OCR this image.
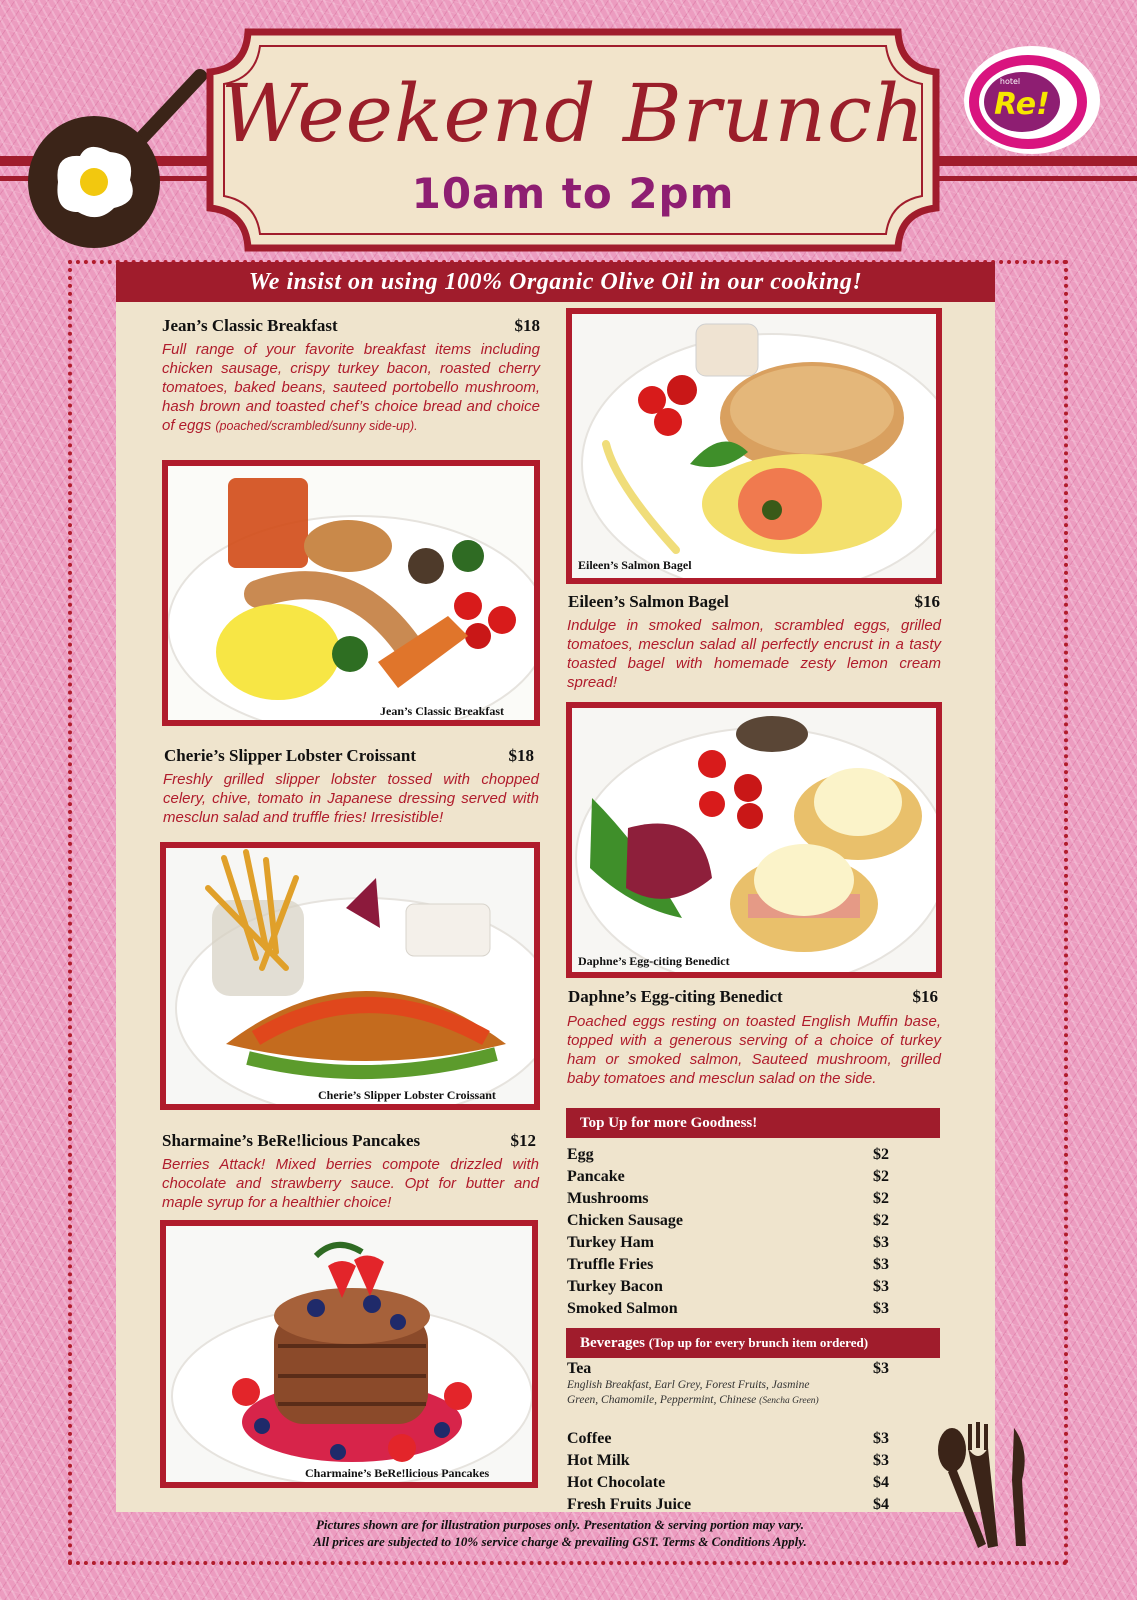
Weekend Brunch
10am to 2pm
Re!
hotel
We insist on using 100% Organic Olive Oil in our cooking!
Jean’s Classic Breakfast	$18
Full range of your favorite breakfast items including chicken sausage, crispy turkey bacon, roasted cherry tomatoes, baked beans, sauteed portobello mushroom, hash brown and toasted chef’s choice bread and choice of eggs (poached/scrambled/sunny side-up).
Jean’s Classic Breakfast
Eileen’s Salmon Bagel
Eileen’s Salmon Bagel	$16
Indulge in smoked salmon, scrambled eggs, grilled tomatoes, mesclun salad all perfectly encrust in a tasty toasted bagel with homemade zesty lemon cream spread!
Cherie’s Slipper Lobster Croissant	$18
Freshly grilled slipper lobster tossed with chopped celery, chive, tomato in Japanese dressing served with mesclun salad and truffle fries! Irresistible!
Cherie’s Slipper Lobster Croissant
Daphne’s Egg-citing Benedict
Daphne’s Egg-citing Benedict	$16
Poached eggs resting on toasted English Muffin base, topped with a generous serving of a choice of turkey ham or smoked salmon, Sauteed mushroom, grilled baby tomatoes and mesclun salad on the side.
Sharmaine’s BeRe!licious Pancakes	$12
Berries Attack! Mixed berries compote drizzled with chocolate and strawberry sauce. Opt for butter and maple syrup for a healthier choice!
Charmaine’s BeRe!licious Pancakes
Top Up for more Goodness!
Egg	$2
Pancake	$2
Mushrooms	$2
Chicken Sausage	$2
Turkey Ham	$3
Truffle Fries	$3
Turkey Bacon	$3
Smoked Salmon	$3
Beverages (Top up for every brunch item ordered)
Tea	$3
English Breakfast, Earl Grey, Forest Fruits, Jasmine Green, Chamomile, Peppermint, Chinese (Sencha Green)
Coffee	$3
Hot Milk	$3
Hot Chocolate	$4
Fresh Fruits Juice	$4
Pictures shown are for illustration purposes only. Presentation & serving portion may vary.
All prices are subjected to 10% service charge & prevailing GST. Terms & Conditions Apply.
